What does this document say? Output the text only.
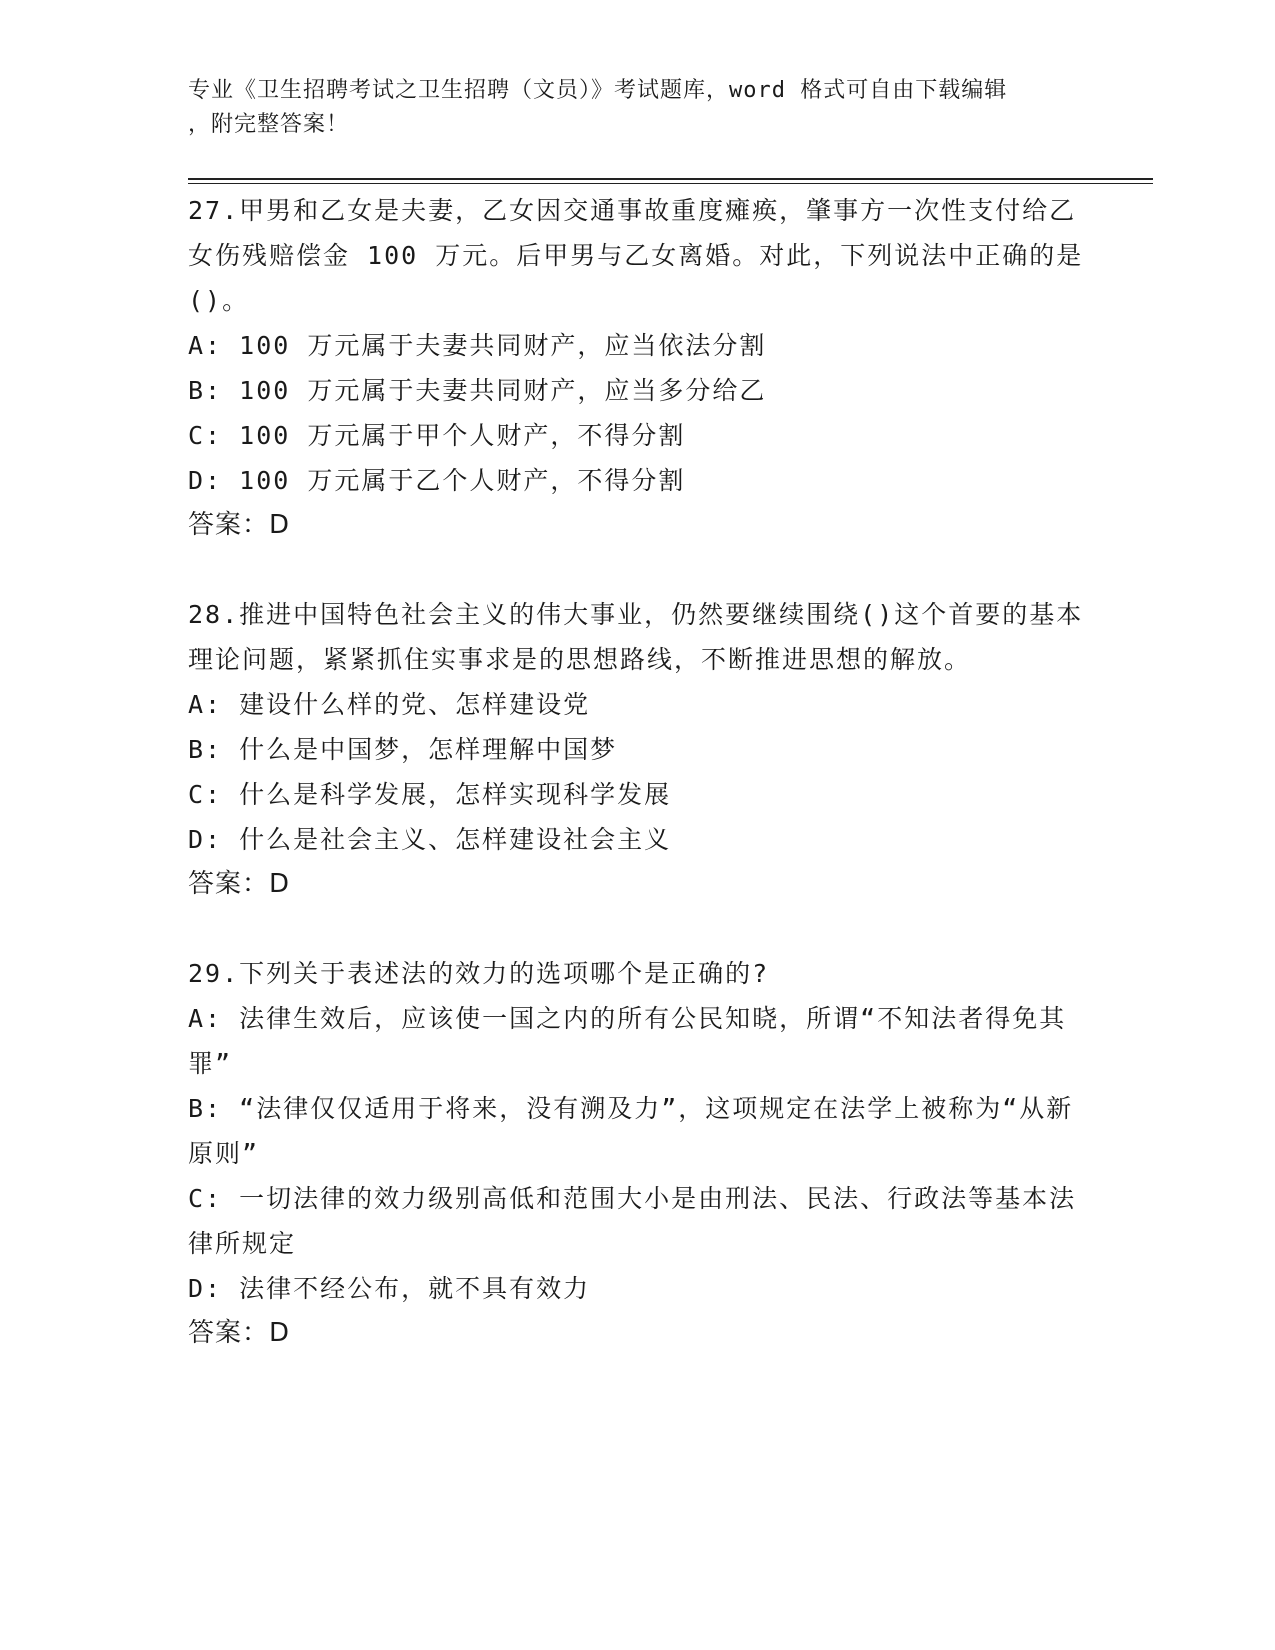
专业《卫生招聘考试之卫生招聘（文员）》考试题库，word 格式可自由下载编辑
，附完整答案！

27.甲男和乙女是夫妻，乙女因交通事故重度瘫痪，肇事方一次性支付给乙女伤残赔偿金 100 万元。后甲男与乙女离婚。对此，下列说法中正确的是()。

A: 100 万元属于夫妻共同财产，应当依法分割

B: 100 万元属于夫妻共同财产，应当多分给乙

C: 100 万元属于甲个人财产，不得分割

D: 100 万元属于乙个人财产，不得分割

答案：D

28.推进中国特色社会主义的伟大事业，仍然要继续围绕()这个首要的基本理论问题，紧紧抓住实事求是的思想路线，不断推进思想的解放。

A: 建设什么样的党、怎样建设党

B: 什么是中国梦，怎样理解中国梦

C: 什么是科学发展，怎样实现科学发展

D: 什么是社会主义、怎样建设社会主义

答案：D

29.下列关于表述法的效力的选项哪个是正确的?

A: 法律生效后，应该使一国之内的所有公民知晓，所谓“不知法者得免其罪”

B: “法律仅仅适用于将来，没有溯及力”，这项规定在法学上被称为“从新原则”

C: 一切法律的效力级别高低和范围大小是由刑法、民法、行政法等基本法律所规定

D: 法律不经公布，就不具有效力

答案：D
